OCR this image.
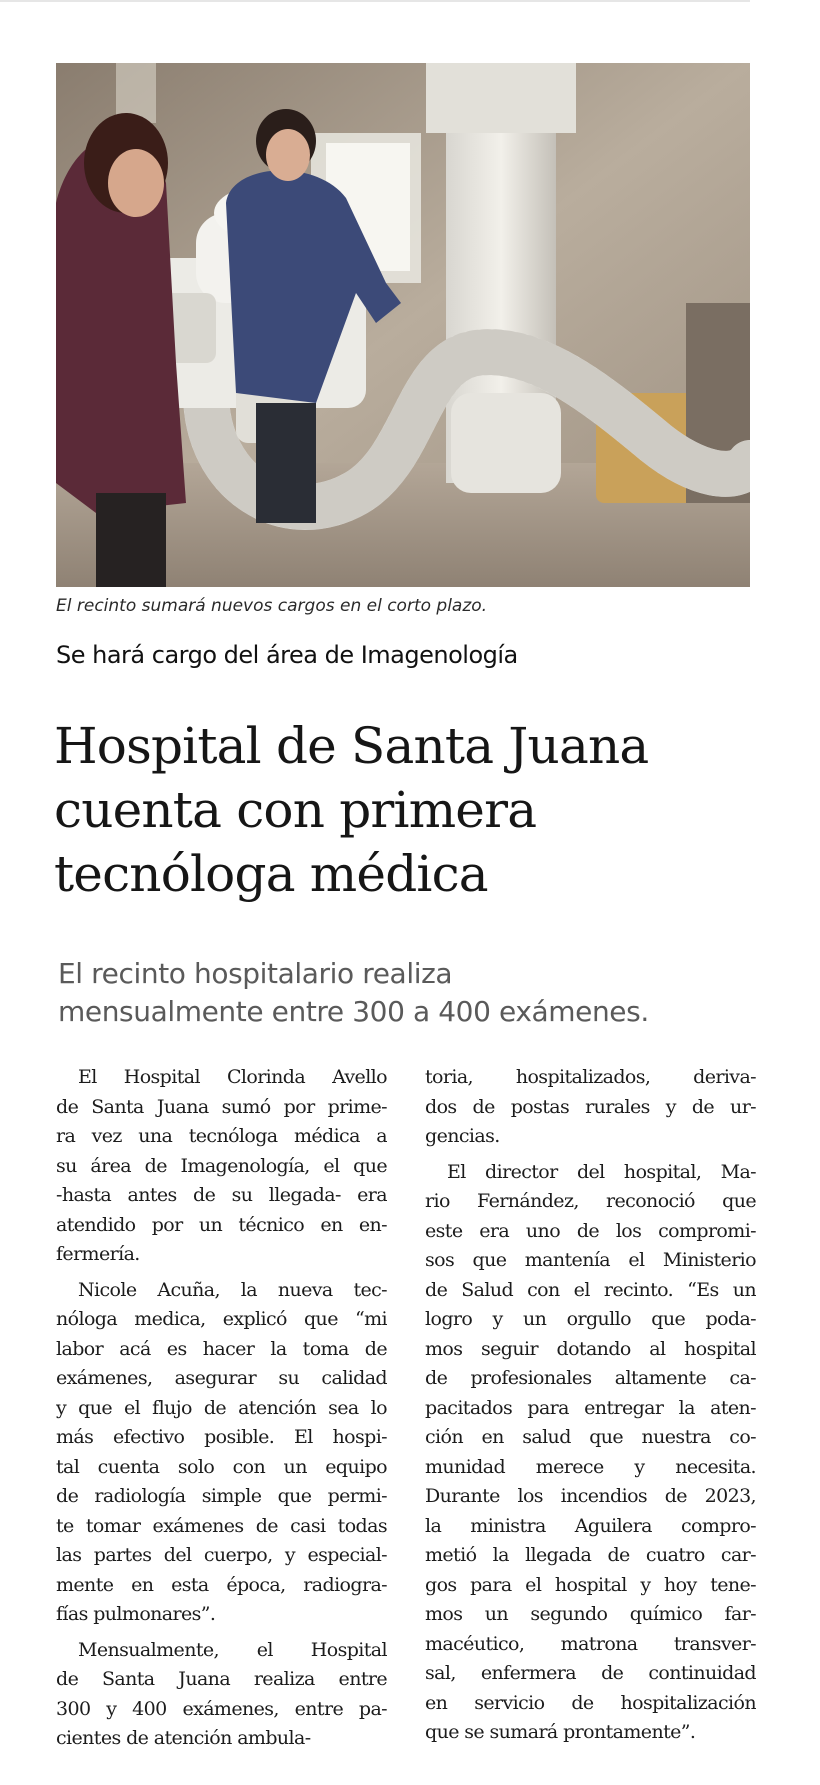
El recinto sumará nuevos cargos en el corto plazo.
Se hará cargo del área de Imagenología
Hospital de Santa Juana
cuenta con primera
tecnóloga médica
El recinto hospitalario realiza
mensualmente entre 300 a 400 exámenes.
El Hospital Clorinda Avello
de Santa Juana sumó por prime-
ra vez una tecnóloga médica a
su área de Imagenología, el que
-hasta antes de su llegada- era
atendido por un técnico en en-
fermería.
Nicole Acuña, la nueva tec-
nóloga medica, explicó que “mi
labor acá es hacer la toma de
exámenes, asegurar su calidad
y que el flujo de atención sea lo
más efectivo posible. El hospi-
tal cuenta solo con un equipo
de radiología simple que permi-
te tomar exámenes de casi todas
las partes del cuerpo, y especial-
mente en esta época, radiogra-
fías pulmonares”.
Mensualmente, el Hospital
de Santa Juana realiza entre
300 y 400 exámenes, entre pa-
cientes de atención ambula-
toria, hospitalizados, deriva-
dos de postas rurales y de ur-
gencias.
El director del hospital, Ma-
rio Fernández, reconoció que
este era uno de los compromi-
sos que mantenía el Ministerio
de Salud con el recinto. “Es un
logro y un orgullo que poda-
mos seguir dotando al hospital
de profesionales altamente ca-
pacitados para entregar la aten-
ción en salud que nuestra co-
munidad merece y necesita.
Durante los incendios de 2023,
la ministra Aguilera compro-
metió la llegada de cuatro car-
gos para el hospital y hoy tene-
mos un segundo químico far-
macéutico, matrona transver-
sal, enfermera de continuidad
en servicio de hospitalización
que se sumará prontamente”.
